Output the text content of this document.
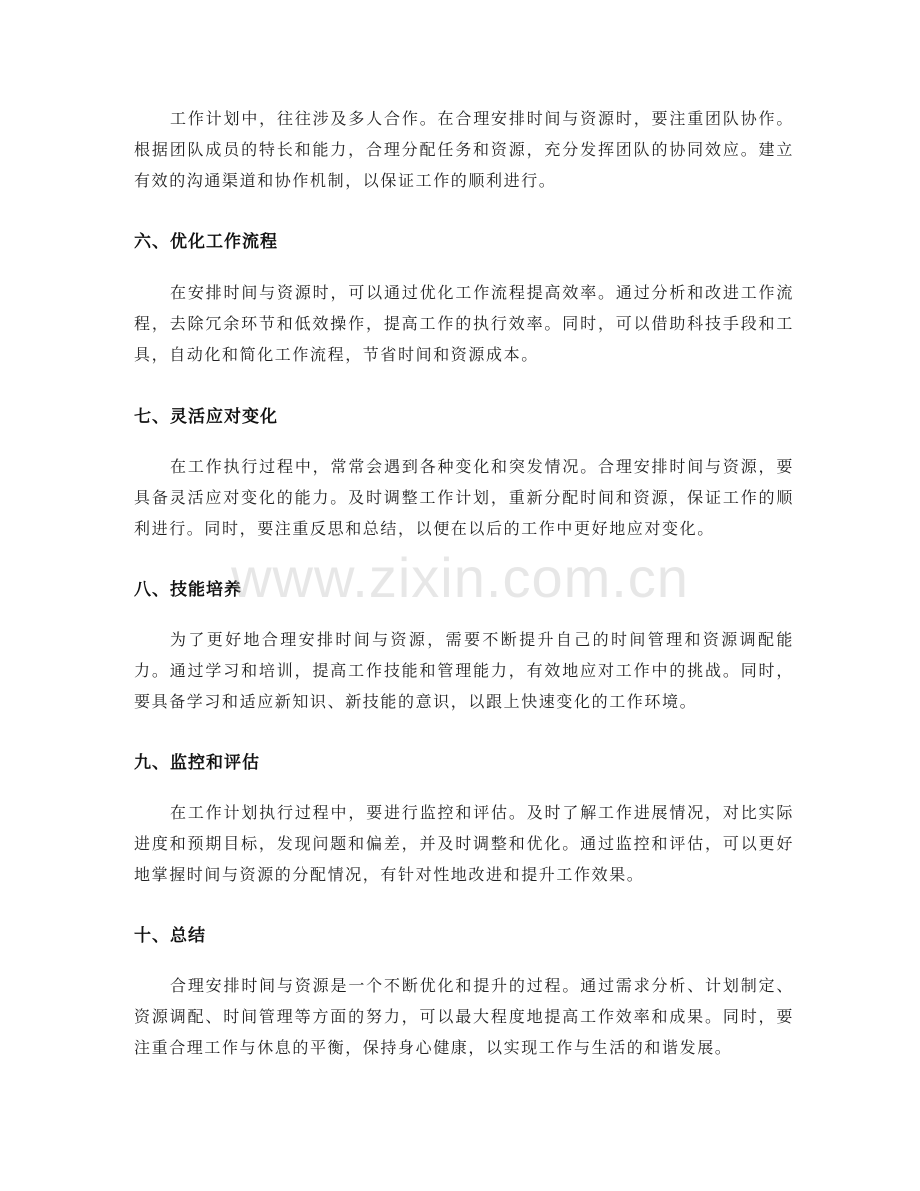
工作计划中，往往涉及多人合作。在合理安排时间与资源时，要注重团队协作。根据团队成员的特长和能力，合理分配任务和资源，充分发挥团队的协同效应。建立有效的沟通渠道和协作机制，以保证工作的顺利进行。

六、优化工作流程

在安排时间与资源时，可以通过优化工作流程提高效率。通过分析和改进工作流程，去除冗余环节和低效操作，提高工作的执行效率。同时，可以借助科技手段和工具，自动化和简化工作流程，节省时间和资源成本。

七、灵活应对变化

在工作执行过程中，常常会遇到各种变化和突发情况。合理安排时间与资源，要具备灵活应对变化的能力。及时调整工作计划，重新分配时间和资源，保证工作的顺利进行。同时，要注重反思和总结，以便在以后的工作中更好地应对变化。

八、技能培养

为了更好地合理安排时间与资源，需要不断提升自己的时间管理和资源调配能力。通过学习和培训，提高工作技能和管理能力，有效地应对工作中的挑战。同时，要具备学习和适应新知识、新技能的意识，以跟上快速变化的工作环境。

九、监控和评估

在工作计划执行过程中，要进行监控和评估。及时了解工作进展情况，对比实际进度和预期目标，发现问题和偏差，并及时调整和优化。通过监控和评估，可以更好地掌握时间与资源的分配情况，有针对性地改进和提升工作效果。

十、总结

合理安排时间与资源是一个不断优化和提升的过程。通过需求分析、计划制定、资源调配、时间管理等方面的努力，可以最大程度地提高工作效率和成果。同时，要注重合理工作与休息的平衡，保持身心健康，以实现工作与生活的和谐发展。

www.zixin.com.cn
